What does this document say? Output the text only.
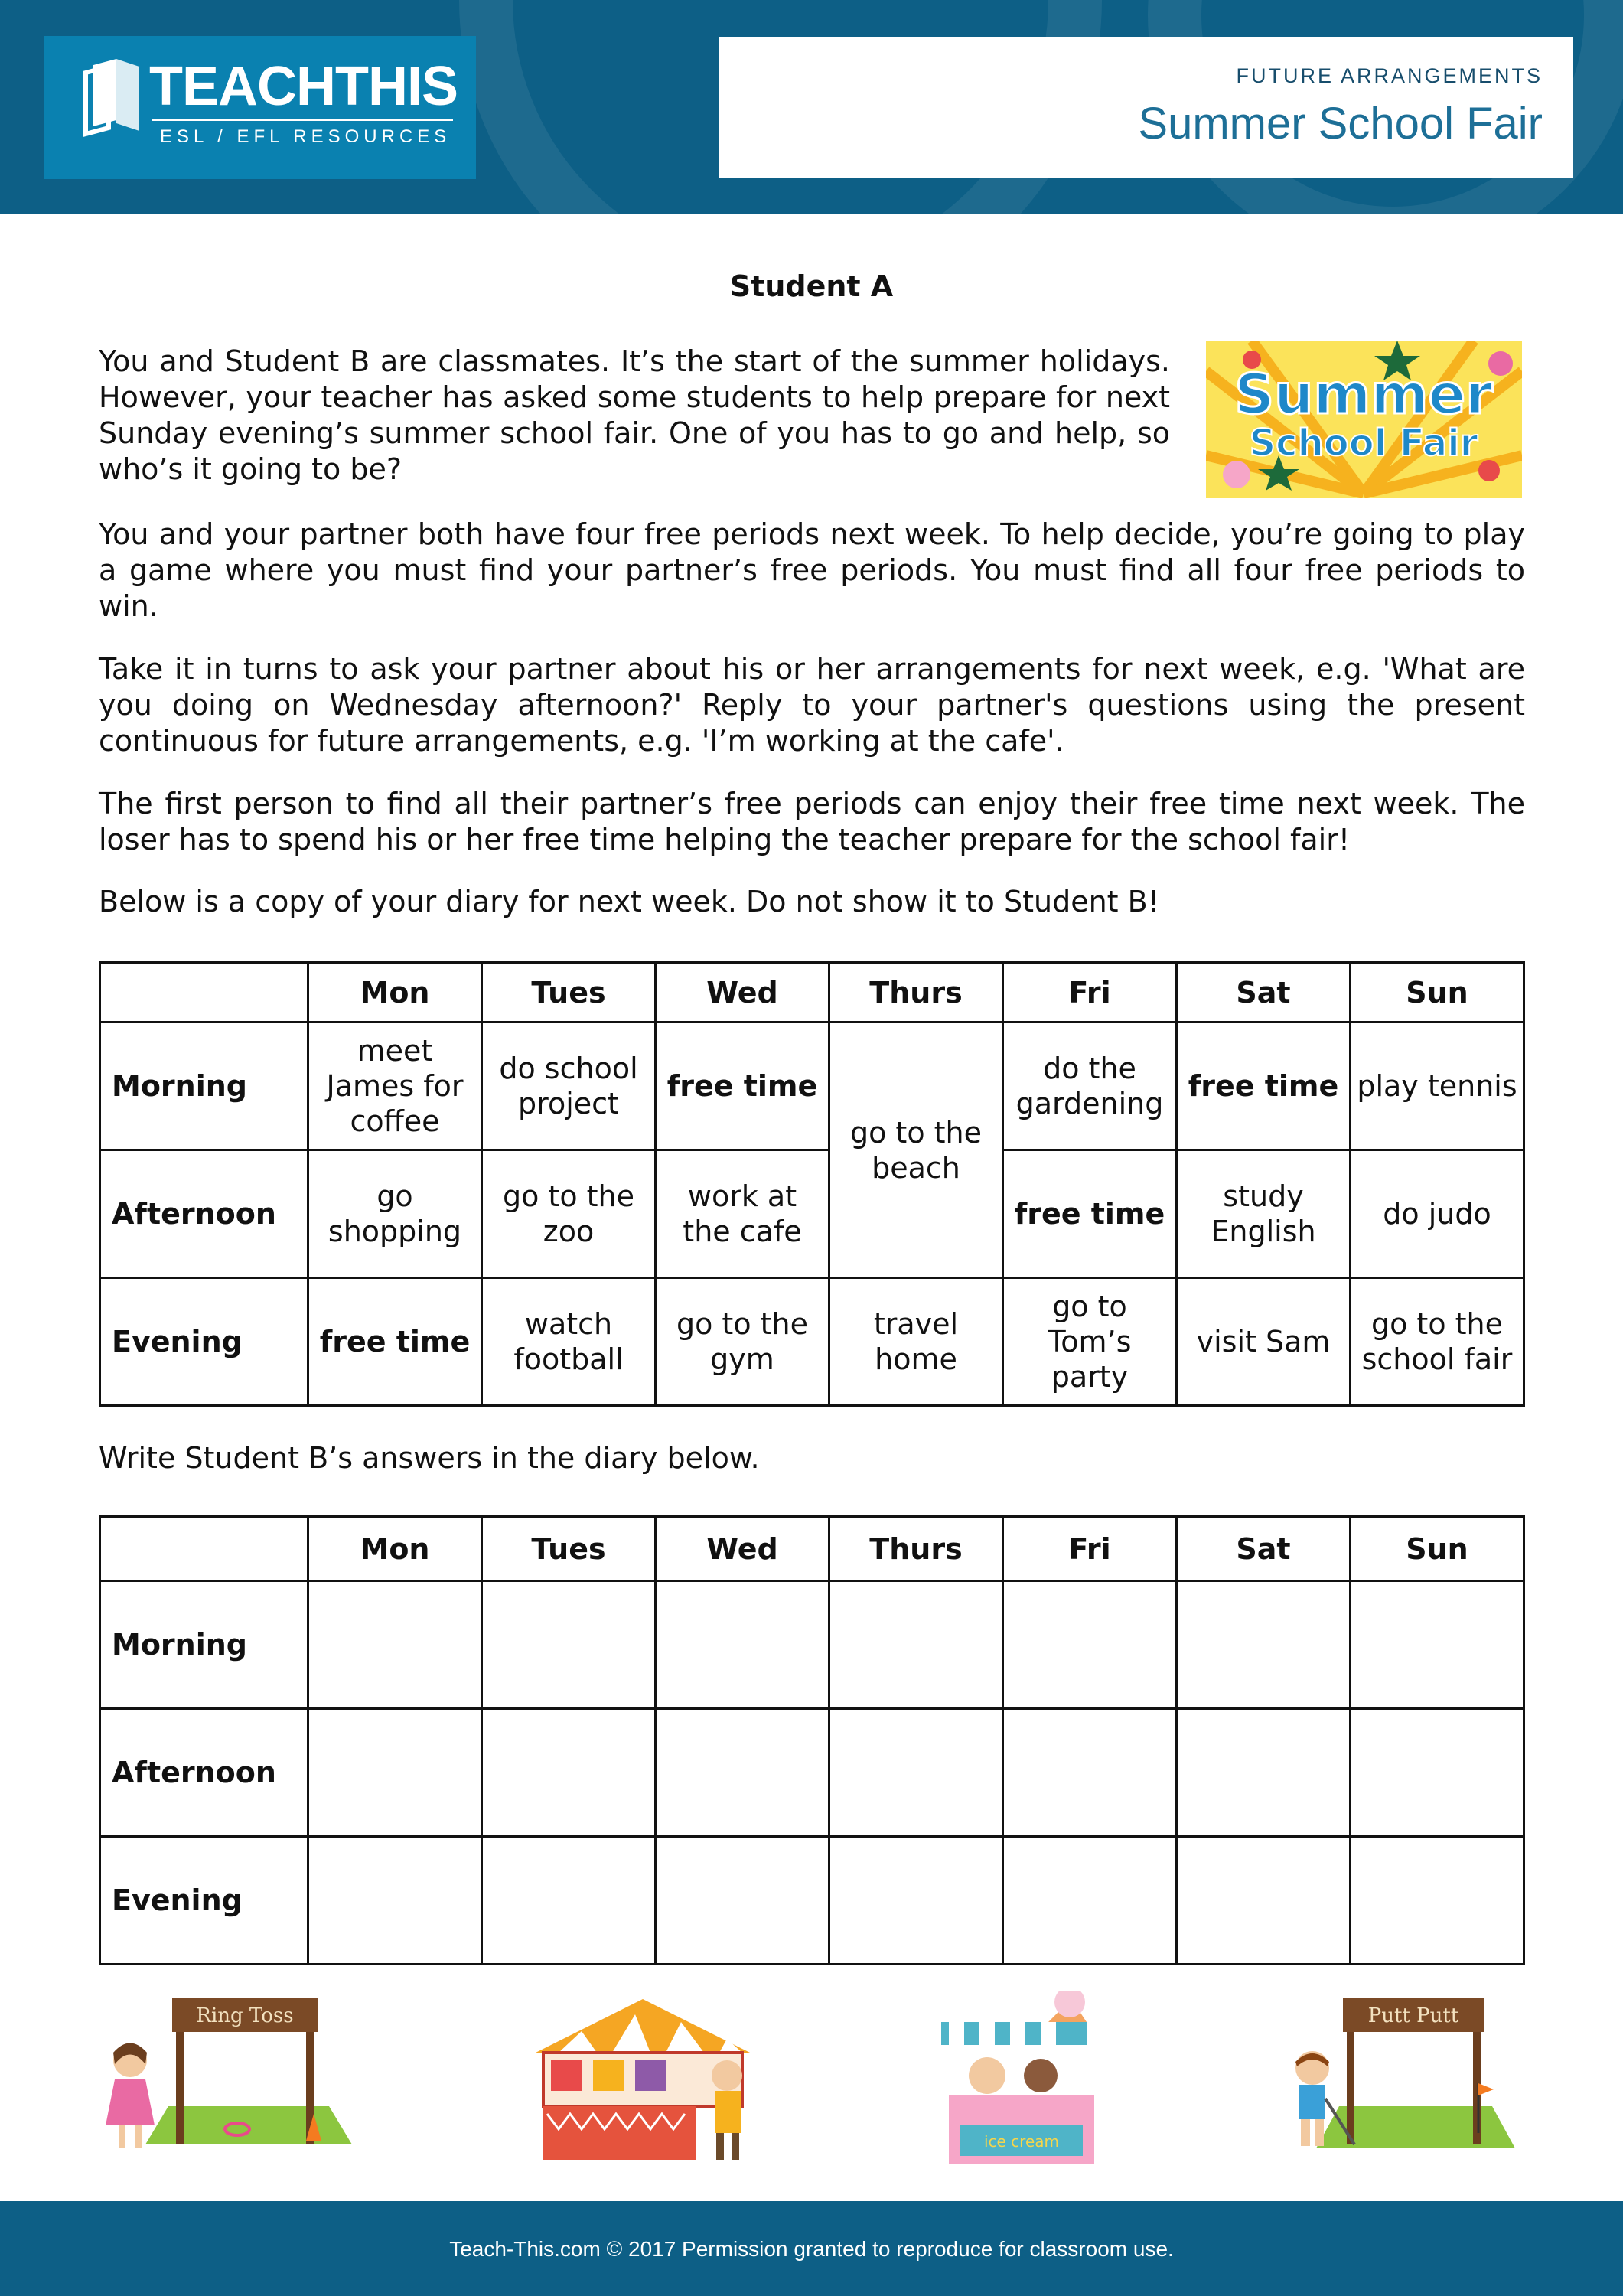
TEACHTHIS
ESL / EFL RESOURCES
FUTURE ARRANGEMENTS
Summer School Fair
Student A

You and Student B are classmates. It’s the start of the summer holidays. However, your teacher has asked some students to help prepare for next Sunday evening’s summer school fair. One of you has to go and help, so who’s it going to be?

Summer
School Fair

You and your partner both have four free periods next week. To help decide, you’re going to play a game where you must find your partner’s free periods. You must find all four free periods to win.

Take it in turns to ask your partner about his or her arrangements for next week, e.g. 'What are you doing on Wednesday afternoon?' Reply to your partner's questions using the present continuous for future arrangements, e.g. 'I’m working at the cafe'.

The first person to find all their partner’s free periods can enjoy their free time next week. The loser has to spend his or her free time helping the teacher prepare for the school fair!

Below is a copy of your diary for next week. Do not show it to Student B!

	Mon	Tues	Wed	Thurs	Fri	Sat	Sun
Morning	meet James for coffee	do school project	free time	go to the beach	do the gardening	free time	play tennis
Afternoon	go shopping	go to the zoo	work at the cafe		free time	study English	do judo
Evening	free time	watch football	go to the gym	travel home	go to Tom’s party	visit Sam	go to the school fair

Write Student B’s answers in the diary below.

	Mon	Tues	Wed	Thurs	Fri	Sat	Sun
Morning							
Afternoon							
Evening							
Ring Toss
ice cream
Putt Putt
Teach-This.com © 2017 Permission granted to reproduce for classroom use.
